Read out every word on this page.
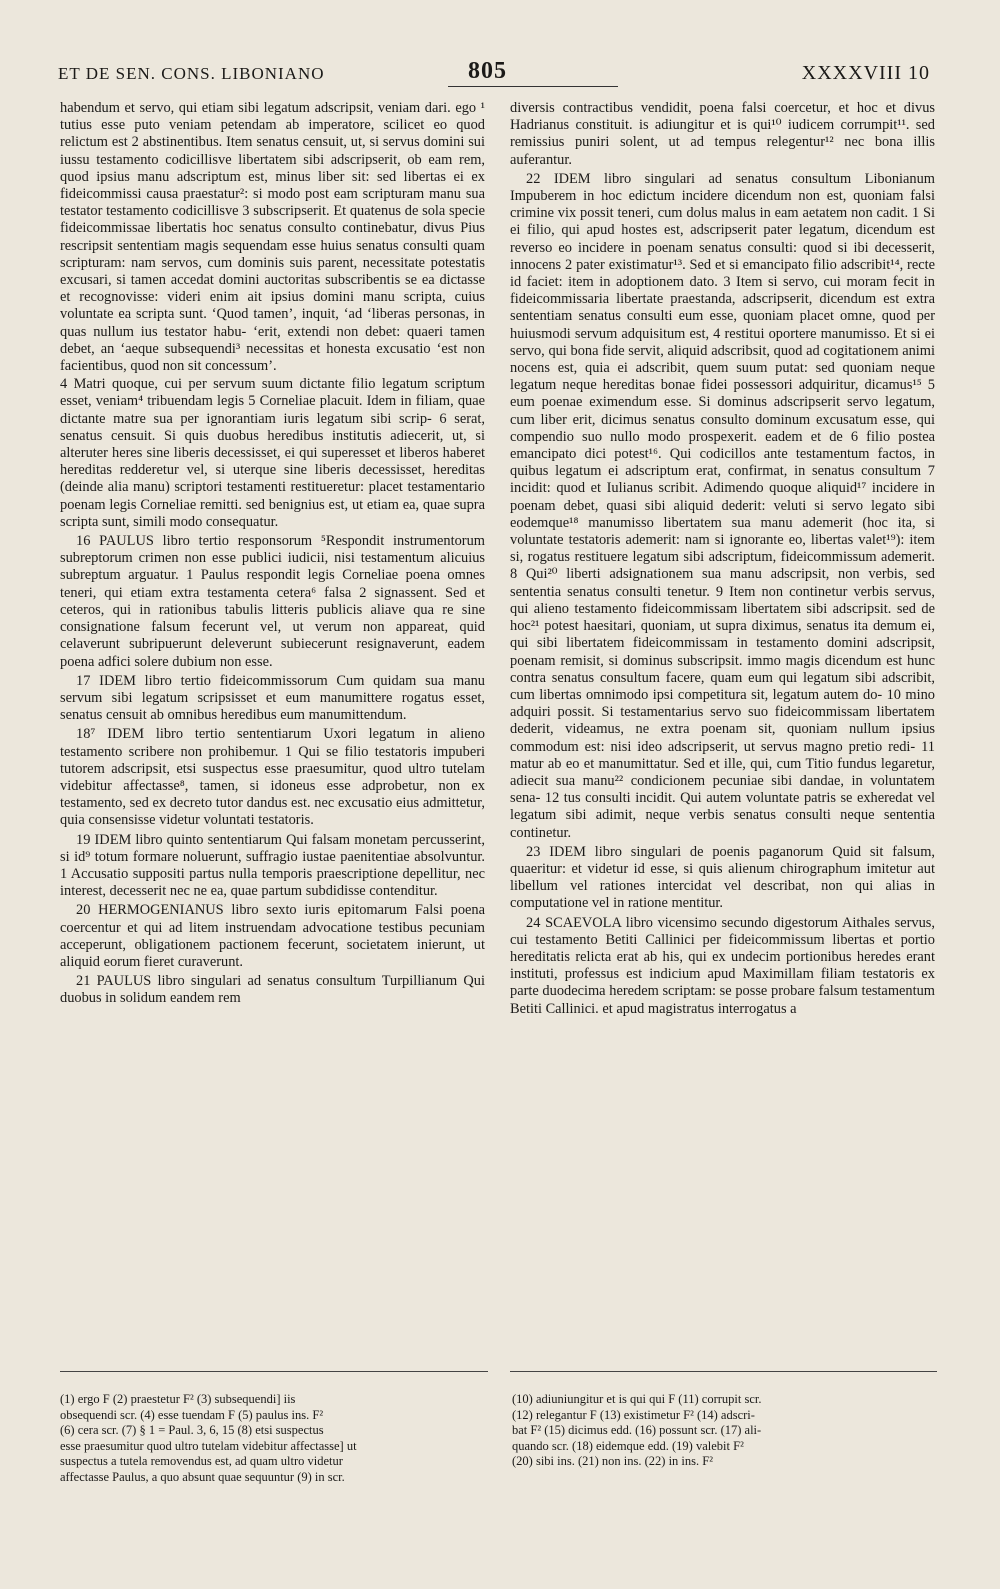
ET DE SEN. CONS. LIBONIANO	805	XXXXVIII 10

habendum et servo, qui etiam sibi legatum adscripsit, veniam dari. ego ¹ tutius esse puto veniam petendam ab imperatore, scilicet eo quod relictum est 2 abstinentibus. Item senatus censuit, ut, si servus domini sui iussu testamento codicillisve libertatem sibi adscripserit, ob eam rem, quod ipsius manu adscriptum est, minus liber sit: sed libertas ei ex fideicommissi causa praestatur²: si modo post eam scripturam manu sua testator testamento codicillisve 3 subscripserit. Et quatenus de sola specie fideicommissae libertatis hoc senatus consulto continebatur, divus Pius rescripsit sententiam magis sequendam esse huius senatus consulti quam scripturam: nam servos, cum dominis suis parent, necessitate potestatis excusari, si tamen accedat domini auctoritas subscribentis se ea dictasse et recognovisse: videri enim ait ipsius domini manu scripta, cuius voluntate ea scripta sunt. ‘Quod tamen’, inquit, ‘ad ‘liberas personas, in quas nullum ius testator habu- ‘erit, extendi non debet: quaeri tamen debet, an ‘aeque subsequendi³ necessitas et honesta excusatio ‘est non facientibus, quod non sit concessum’.

4 Matri quoque, cui per servum suum dictante filio legatum scriptum esset, veniam⁴ tribuendam legis 5 Corneliae placuit. Idem in filiam, quae dictante matre sua per ignorantiam iuris legatum sibi scrip- 6 serat, senatus censuit. Si quis duobus heredibus institutis adiecerit, ut, si alteruter heres sine liberis decessisset, ei qui superesset et liberos haberet hereditas redderetur vel, si uterque sine liberis decessisset, hereditas (deinde alia manu) scriptori testamenti restitueretur: placet testamentario poenam legis Corneliae remitti. sed benignius est, ut etiam ea, quae supra scripta sunt, simili modo consequatur.

16 PAULUS libro tertio responsorum ⁵Respondit instrumentorum subreptorum crimen non esse publici iudicii, nisi testamentum alicuius subreptum arguatur. 1 Paulus respondit legis Corneliae poena omnes teneri, qui etiam extra testamenta cetera⁶ falsa 2 signassent. Sed et ceteros, qui in rationibus tabulis litteris publicis aliave qua re sine consignatione falsum fecerunt vel, ut verum non appareat, quid celaverunt subripuerunt deleverunt subiecerunt resignaverunt, eadem poena adfici solere dubium non esse.

17 IDEM libro tertio fideicommissorum Cum quidam sua manu servum sibi legatum scripsisset et eum manumittere rogatus esset, senatus censuit ab omnibus heredibus eum manumittendum.

18⁷ IDEM libro tertio sententiarum Uxori legatum in alieno testamento scribere non prohibemur. 1 Qui se filio testatoris impuberi tutorem adscripsit, etsi suspectus esse praesumitur, quod ultro tutelam videbitur affectasse⁸, tamen, si idoneus esse adprobetur, non ex testamento, sed ex decreto tutor dandus est. nec excusatio eius admittetur, quia consensisse videtur voluntati testatoris.

19 IDEM libro quinto sententiarum Qui falsam monetam percusserint, si id⁹ totum formare noluerunt, suffragio iustae paenitentiae absolvuntur. 1 Accusatio suppositi partus nulla temporis praescriptione depellitur, nec interest, decesserit nec ne ea, quae partum subdidisse contenditur.

20 HERMOGENIANUS libro sexto iuris epitomarum Falsi poena coercentur et qui ad litem instruendam advocatione testibus pecuniam acceperunt, obligationem pactionem fecerunt, societatem inierunt, ut aliquid eorum fieret curaverunt.

21 PAULUS libro singulari ad senatus consultum Turpillianum Qui duobus in solidum eandem rem

diversis contractibus vendidit, poena falsi coercetur, et hoc et divus Hadrianus constituit. is adiungitur et is qui¹⁰ iudicem corrumpit¹¹. sed remissius puniri solent, ut ad tempus relegentur¹² nec bona illis auferantur.

22 IDEM libro singulari ad senatus consultum Libonianum Impuberem in hoc edictum incidere dicendum non est, quoniam falsi crimine vix possit teneri, cum dolus malus in eam aetatem non cadit. 1 Si ei filio, qui apud hostes est, adscripserit pater legatum, dicendum est reverso eo incidere in poenam senatus consulti: quod si ibi decesserit, innocens 2 pater existimatur¹³. Sed et si emancipato filio adscribit¹⁴, recte id faciet: item in adoptionem dato. 3 Item si servo, cui moram fecit in fideicommissaria libertate praestanda, adscripserit, dicendum est extra sententiam senatus consulti eum esse, quoniam placet omne, quod per huiusmodi servum adquisitum est, 4 restitui oportere manumisso. Et si ei servo, qui bona fide servit, aliquid adscribsit, quod ad cogitationem animi nocens est, quia ei adscribit, quem suum putat: sed quoniam neque legatum neque hereditas bonae fidei possessori adquiritur, dicamus¹⁵ 5 eum poenae eximendum esse. Si dominus adscripserit servo legatum, cum liber erit, dicimus senatus consulto dominum excusatum esse, qui compendio suo nullo modo prospexerit. eadem et de 6 filio postea emancipato dici potest¹⁶. Qui codicillos ante testamentum factos, in quibus legatum ei adscriptum erat, confirmat, in senatus consultum 7 incidit: quod et Iulianus scribit. Adimendo quoque aliquid¹⁷ incidere in poenam debet, quasi sibi aliquid dederit: veluti si servo legato sibi eodemque¹⁸ manumisso libertatem sua manu ademerit (hoc ita, si voluntate testatoris ademerit: nam si ignorante eo, libertas valet¹⁹): item si, rogatus restituere legatum sibi adscriptum, fideicommissum ademerit. 8 Qui²⁰ liberti adsignationem sua manu adscripsit, non verbis, sed sententia senatus consulti tenetur. 9 Item non continetur verbis servus, qui alieno testamento fideicommissam libertatem sibi adscripsit. sed de hoc²¹ potest haesitari, quoniam, ut supra diximus, senatus ita demum ei, qui sibi libertatem fideicommissam in testamento domini adscripsit, poenam remisit, si dominus subscripsit. immo magis dicendum est hunc contra senatus consultum facere, quam eum qui legatum sibi adscribit, cum libertas omnimodo ipsi competitura sit, legatum autem do- 10 mino adquiri possit. Si testamentarius servo suo fideicommissam libertatem dederit, videamus, ne extra poenam sit, quoniam nullum ipsius commodum est: nisi ideo adscripserit, ut servus magno pretio redi- 11 matur ab eo et manumittatur. Sed et ille, qui, cum Titio fundus legaretur, adiecit sua manu²² condicionem pecuniae sibi dandae, in voluntatem sena- 12 tus consulti incidit. Qui autem voluntate patris se exheredat vel legatum sibi adimit, neque verbis senatus consulti neque sententia continetur.

23 IDEM libro singulari de poenis paganorum Quid sit falsum, quaeritur: et videtur id esse, si quis alienum chirographum imitetur aut libellum vel rationes intercidat vel describat, non qui alias in computatione vel in ratione mentitur.

24 SCAEVOLA libro vicensimo secundo digestorum Aithales servus, cui testamento Betiti Callinici per fideicommissum libertas et portio hereditatis relicta erat ab his, qui ex undecim portionibus heredes erant instituti, professus est indicium apud Maximillam filiam testatoris ex parte duodecima heredem scriptam: se posse probare falsum testamentum Betiti Callinici. et apud magistratus interrogatus a

(1) ergo F (2) praestetur F² (3) subsequendi] iis
obsequendi scr. (4) esse tuendam F (5) paulus ins. F²
(6) cera scr. (7) § 1 = Paul. 3, 6, 15 (8) etsi suspectus
esse praesumitur quod ultro tutelam videbitur affectasse] ut
suspectus a tutela removendus est, ad quam ultro videtur
affectasse Paulus, a quo absunt quae sequuntur (9) in scr.
(10) adiuniungitur et is qui qui F (11) corrupit scr.
(12) relegantur F (13) existimetur F² (14) adscri-
bat F² (15) dicimus edd. (16) possunt scr. (17) ali-
quando scr. (18) eidemque edd. (19) valebit F²
(20) sibi ins. (21) non ins. (22) in ins. F²
